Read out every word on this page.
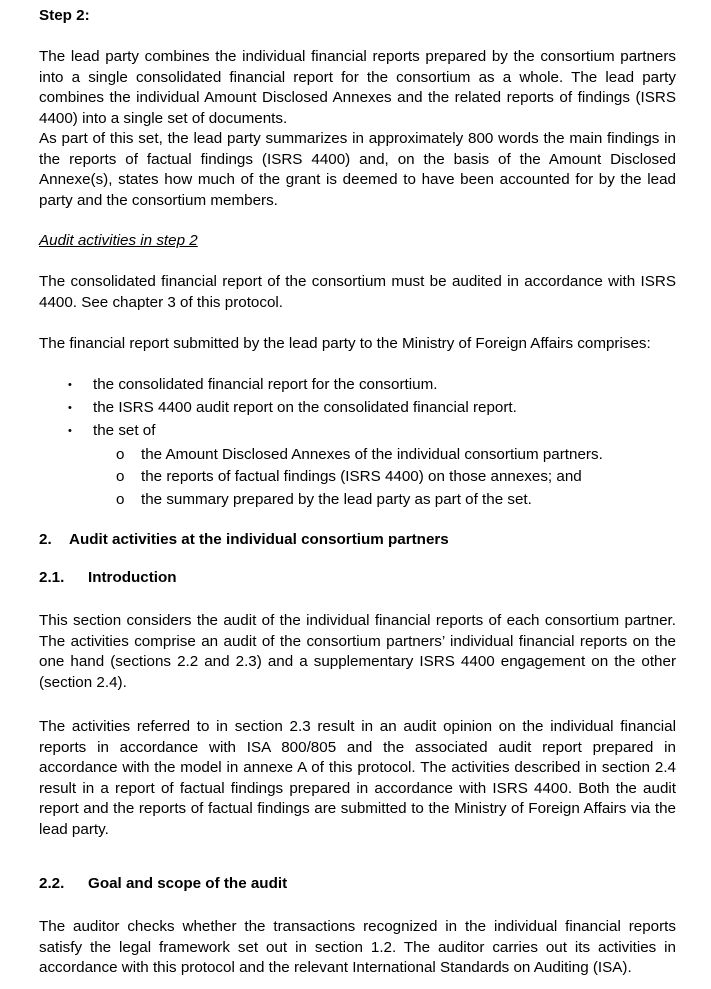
Step 2:

The lead party combines the individual financial reports prepared by the consortium partners into a single consolidated financial report for the consortium as a whole. The lead party combines the individual Amount Disclosed Annexes and the related reports of findings (ISRS 4400) into a single set of documents.

As part of this set, the lead party summarizes in approximately 800 words the main findings in the reports of factual findings (ISRS 4400) and, on the basis of the Amount Disclosed Annexe(s), states how much of the grant is deemed to have been accounted for by the lead party and the consortium members.

Audit activities in step 2

The consolidated financial report of the consortium must be audited in accordance with ISRS 4400. See chapter 3 of this protocol.

The financial report submitted by the lead party to the Ministry of Foreign Affairs comprises:

• the consolidated financial report for the consortium.
• the ISRS 4400 audit report on the consolidated financial report.
• the set of
o the Amount Disclosed Annexes of the individual consortium partners.
o the reports of factual findings (ISRS 4400) on those annexes; and
o the summary prepared by the lead party as part of the set.
2. Audit activities at the individual consortium partners
2.1. Introduction

This section considers the audit of the individual financial reports of each consortium partner. The activities comprise an audit of the consortium partners’ individual financial reports on the one hand (sections 2.2 and 2.3) and a supplementary ISRS 4400 engagement on the other (section 2.4).

The activities referred to in section 2.3 result in an audit opinion on the individual financial reports in accordance with ISA 800/805 and the associated audit report prepared in accordance with the model in annexe A of this protocol. The activities described in section 2.4 result in a report of factual findings prepared in accordance with ISRS 4400. Both the audit report and the reports of factual findings are submitted to the Ministry of Foreign Affairs via the lead party.

2.2. Goal and scope of the audit

The auditor checks whether the transactions recognized in the individual financial reports satisfy the legal framework set out in section 1.2. The auditor carries out its activities in accordance with this protocol and the relevant International Standards on Auditing (ISA).
